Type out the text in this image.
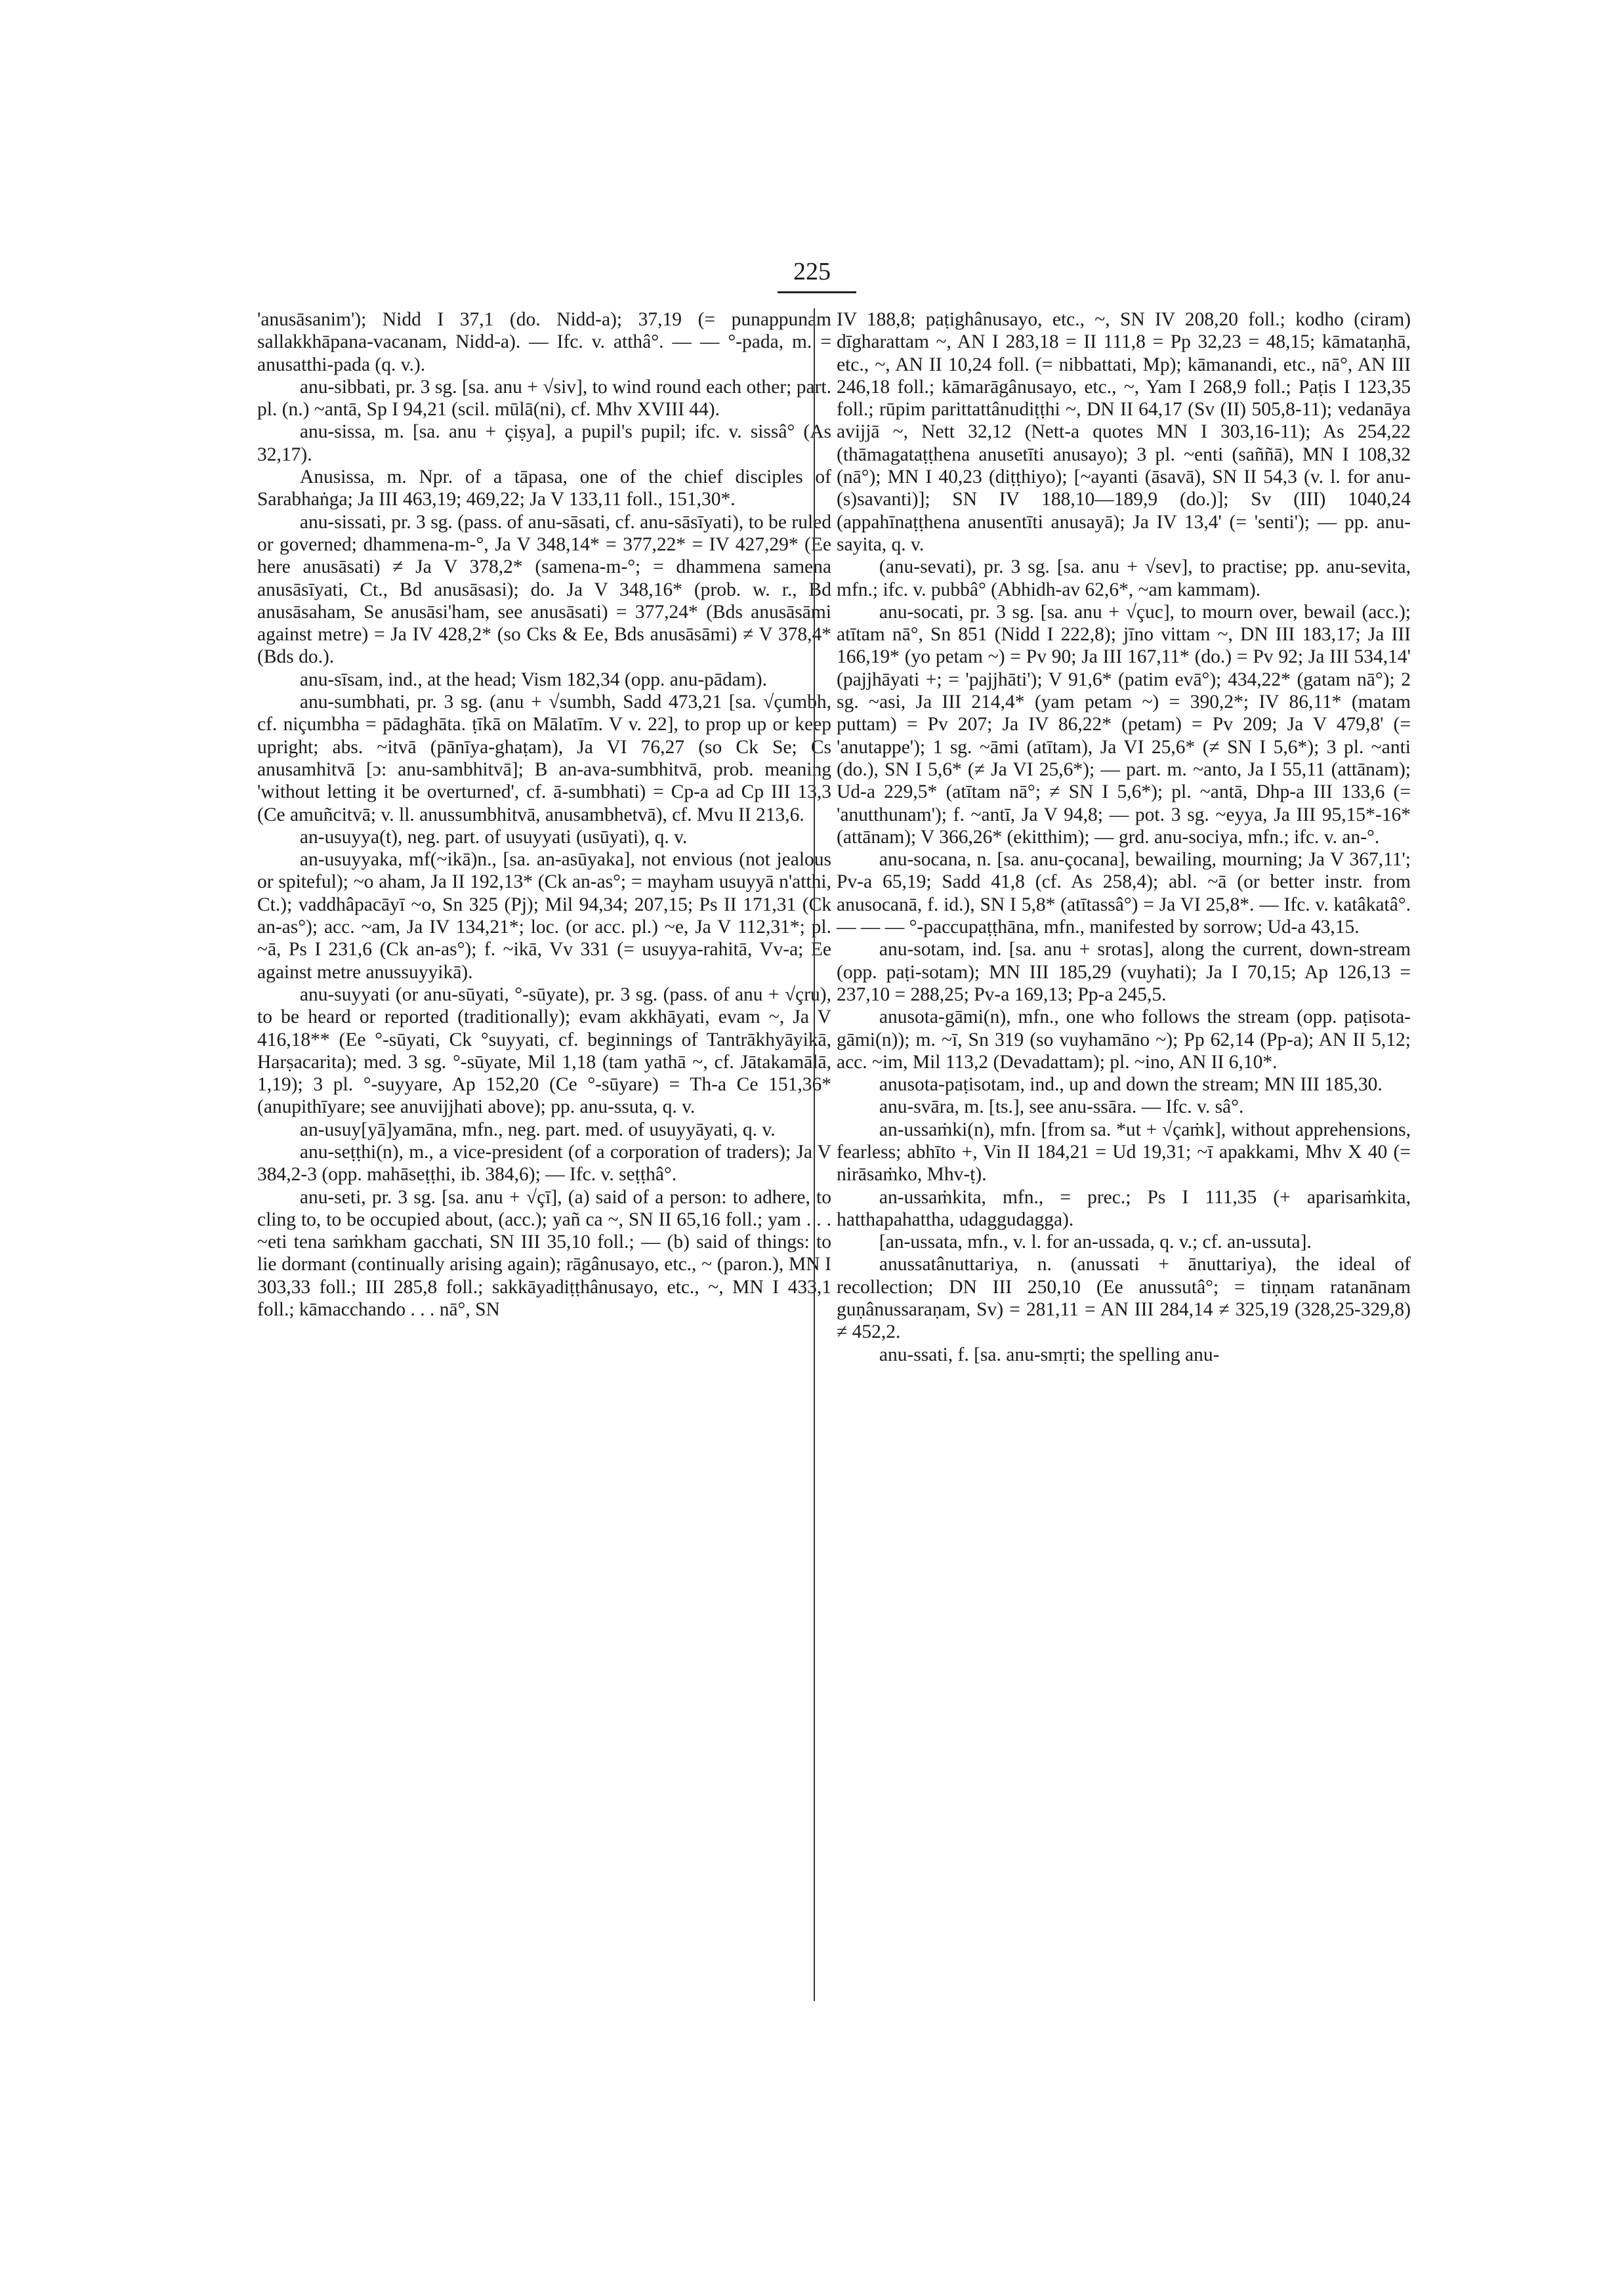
225

'anusāsanim'); Nidd I 37,1 (do. Nidd-a); 37,19 (= punappunam sallakkhāpana-vacanam, Nidd-a). — Ifc. v. atthâ°. — — °-pada, m. = anusatthi-pada (q. v.).

anu-sibbati, pr. 3 sg. [sa. anu + √siv], to wind round each other; part. pl. (n.) ~antā, Sp I 94,21 (scil. mūlā(ni), cf. Mhv XVIII 44).

anu-sissa, m. [sa. anu + çiṣya], a pupil's pupil; ifc. v. sissâ° (As 32,17).

Anusissa, m. Npr. of a tāpasa, one of the chief disciples of Sarabhaṅga; Ja III 463,19; 469,22; Ja V 133,11 foll., 151,30*.

anu-sissati, pr. 3 sg. (pass. of anu-sāsati, cf. anu-sāsīyati), to be ruled or governed; dhammena-m-°, Ja V 348,14* = 377,22* = IV 427,29* (Ee here anusāsati) ≠ Ja V 378,2* (samena-m-°; = dhammena samena anusāsīyati, Ct., Bd anusāsasi); do. Ja V 348,16* (prob. w. r., Bd anusāsaham, Se anusāsi'ham, see anusāsati) = 377,24* (Bds anusāsāmi against metre) = Ja IV 428,2* (so Cks & Ee, Bds anusāsāmi) ≠ V 378,4* (Bds do.).

anu-sīsam, ind., at the head; Vism 182,34 (opp. anu-pādam).

anu-sumbhati, pr. 3 sg. (anu + √sumbh, Sadd 473,21 [sa. √çumbh, cf. niçumbha = pādaghāta. ṭīkā on Mālatīm. V v. 22], to prop up or keep upright; abs. ~itvā (pānīya-ghaṭam), Ja VI 76,27 (so Ck Se; Cs anusamhitvā [ɔ: anu-sambhitvā]; B an-ava-sumbhitvā, prob. meaning 'without letting it be overturned', cf. ā-sumbhati) = Cp-a ad Cp III 13,3 (Ce amuñcitvā; v. ll. anussumbhitvā, anusambhetvā), cf. Mvu II 213,6.

an-usuyya(t), neg. part. of usuyyati (usūyati), q. v.

an-usuyyaka, mf(~ikā)n., [sa. an-asūyaka], not envious (not jealous or spiteful); ~o aham, Ja II 192,13* (Ck an-as°; = mayham usuyyā n'atthi, Ct.); vaddhâpacāyī ~o, Sn 325 (Pj); Mil 94,34; 207,15; Ps II 171,31 (Ck an-as°); acc. ~am, Ja IV 134,21*; loc. (or acc. pl.) ~e, Ja V 112,31*; pl. ~ā, Ps I 231,6 (Ck an-as°); f. ~ikā, Vv 331 (= usuyya-rahitā, Vv-a; Ee against metre anussuyyikā).

anu-suyyati (or anu-sūyati, °-sūyate), pr. 3 sg. (pass. of anu + √çru), to be heard or reported (traditionally); evam akkhāyati, evam ~, Ja V 416,18** (Ee °-sūyati, Ck °suyyati, cf. beginnings of Tantrākhyāyikā, Harṣacarita); med. 3 sg. °-sūyate, Mil 1,18 (tam yathā ~, cf. Jātakamālā, 1,19); 3 pl. °-suyyare, Ap 152,20 (Ce °-sūyare) = Th-a Ce 151,36* (anupithīyare; see anuvijjhati above); pp. anu-ssuta, q. v.

an-usuy[yā]yamāna, mfn., neg. part. med. of usuyyāyati, q. v.

anu-seṭṭhi(n), m., a vice-president (of a corporation of traders); Ja V 384,2-3 (opp. mahāseṭṭhi, ib. 384,6); — Ifc. v. seṭṭhâ°.

anu-seti, pr. 3 sg. [sa. anu + √çī], (a) said of a person: to adhere, to cling to, to be occupied about, (acc.); yañ ca ~, SN II 65,16 foll.; yam . . . ~eti tena saṁkham gacchati, SN III 35,10 foll.; — (b) said of things: to lie dormant (continually arising again); rāgânusayo, etc., ~ (paron.), MN I 303,33 foll.; III 285,8 foll.; sakkāyadiṭṭhânusayo, etc., ~, MN I 433,1 foll.; kāmacchando . . . nā°, SN

IV 188,8; paṭighânusayo, etc., ~, SN IV 208,20 foll.; kodho (ciram) dīgharattam ~, AN I 283,18 = II 111,8 = Pp 32,23 = 48,15; kāmataṇhā, etc., ~, AN II 10,24 foll. (= nibbattati, Mp); kāmanandi, etc., nā°, AN III 246,18 foll.; kāmarāgânusayo, etc., ~, Yam I 268,9 foll.; Paṭis I 123,35 foll.; rūpim parittattânudiṭṭhi ~, DN II 64,17 (Sv (II) 505,8-11); vedanāya avijjā ~, Nett 32,12 (Nett-a quotes MN I 303,16-11); As 254,22 (thāmagataṭṭhena anusetīti anusayo); 3 pl. ~enti (saññā), MN I 108,32 (nā°); MN I 40,23 (diṭṭhiyo); [~ayanti (āsavā), SN II 54,3 (v. l. for anu-(s)savanti)]; SN IV 188,10—189,9 (do.)]; Sv (III) 1040,24 (appahīnaṭṭhena anusentīti anusayā); Ja IV 13,4' (= 'senti'); — pp. anu-sayita, q. v.

(anu-sevati), pr. 3 sg. [sa. anu + √sev], to practise; pp. anu-sevita, mfn.; ifc. v. pubbâ° (Abhidh-av 62,6*, ~am kammam).

anu-socati, pr. 3 sg. [sa. anu + √çuc], to mourn over, bewail (acc.); atītam nā°, Sn 851 (Nidd I 222,8); jīno vittam ~, DN III 183,17; Ja III 166,19* (yo petam ~) = Pv 90; Ja III 167,11* (do.) = Pv 92; Ja III 534,14' (pajjhāyati +; = 'pajjhāti'); V 91,6* (patim evā°); 434,22* (gatam nā°); 2 sg. ~asi, Ja III 214,4* (yam petam ~) = 390,2*; IV 86,11* (matam puttam) = Pv 207; Ja IV 86,22* (petam) = Pv 209; Ja V 479,8' (= 'anutappe'); 1 sg. ~āmi (atītam), Ja VI 25,6* (≠ SN I 5,6*); 3 pl. ~anti (do.), SN I 5,6* (≠ Ja VI 25,6*); — part. m. ~anto, Ja I 55,11 (attānam); Ud-a 229,5* (atītam nā°; ≠ SN I 5,6*); pl. ~antā, Dhp-a III 133,6 (= 'anutthunam'); f. ~antī, Ja V 94,8; — pot. 3 sg. ~eyya, Ja III 95,15*-16* (attānam); V 366,26* (ekitthim); — grd. anu-sociya, mfn.; ifc. v. an-°.

anu-socana, n. [sa. anu-çocana], bewailing, mourning; Ja V 367,11'; Pv-a 65,19; Sadd 41,8 (cf. As 258,4); abl. ~ā (or better instr. from anusocanā, f. id.), SN I 5,8* (atītassâ°) = Ja VI 25,8*. — Ifc. v. katâkatâ°. — — — °-paccupaṭṭhāna, mfn., manifested by sorrow; Ud-a 43,15.

anu-sotam, ind. [sa. anu + srotas], along the current, down-stream (opp. paṭi-sotam); MN III 185,29 (vuyhati); Ja I 70,15; Ap 126,13 = 237,10 = 288,25; Pv-a 169,13; Pp-a 245,5.

anusota-gāmi(n), mfn., one who follows the stream (opp. paṭisota-gāmi(n)); m. ~ī, Sn 319 (so vuyhamāno ~); Pp 62,14 (Pp-a); AN II 5,12; acc. ~im, Mil 113,2 (Devadattam); pl. ~ino, AN II 6,10*.

anusota-paṭisotam, ind., up and down the stream; MN III 185,30.

anu-svāra, m. [ts.], see anu-ssāra. — Ifc. v. sâ°.

an-ussaṁki(n), mfn. [from sa. *ut + √çaṁk], without apprehensions, fearless; abhīto +, Vin II 184,21 = Ud 19,31; ~ī apakkami, Mhv X 40 (= nirāsaṁko, Mhv-ṭ).

an-ussaṁkita, mfn., = prec.; Ps I 111,35 (+ aparisaṁkita, hatthapahattha, udaggudagga).

[an-ussata, mfn., v. l. for an-ussada, q. v.; cf. an-ussuta].

anussatânuttariya, n. (anussati + ānuttariya), the ideal of recollection; DN III 250,10 (Ee anussutâ°; = tiṇṇam ratanānam guṇânussaraṇam, Sv) = 281,11 = AN III 284,14 ≠ 325,19 (328,25-329,8) ≠ 452,2.

anu-ssati, f. [sa. anu-smṛti; the spelling anu-
